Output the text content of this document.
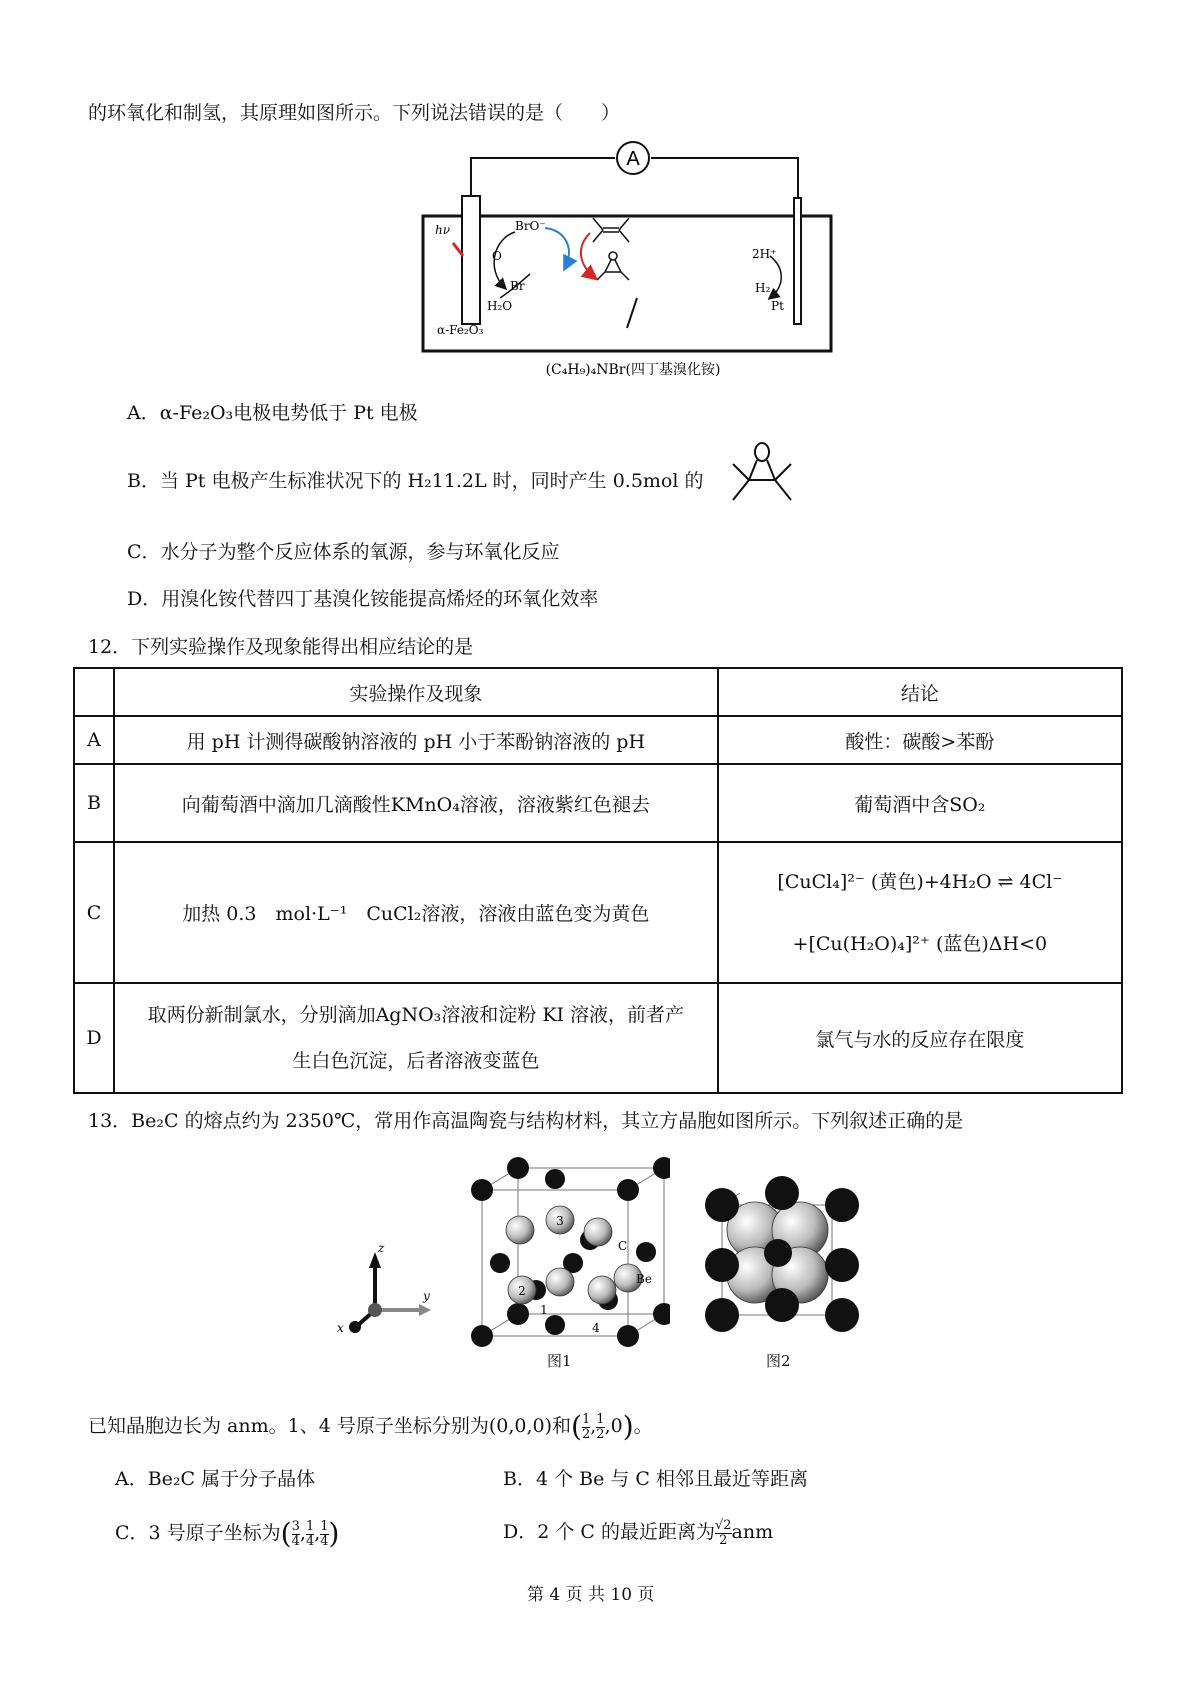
的环氧化和制氢，其原理如图所示。下列说法错误的是（　　）
A
hν	BrO⁻
O
Br
H₂O
α-Fe₂O₃
2H⁺
H₂
Pt
(C₄H₉)₄NBr(四丁基溴化铵)
A．α-Fe₂O₃电极电势低于 Pt 电极
B．当 Pt 电极产生标准状况下的 H₂11.2L 时，同时产生 0.5mol 的
C．水分子为整个反应体系的氧源，参与环氧化反应
D．用溴化铵代替四丁基溴化铵能提高烯烃的环氧化效率
12．下列实验操作及现象能得出相应结论的是
	实验操作及现象	结论
A	用 pH 计测得碳酸钠溶液的 pH 小于苯酚钠溶液的 pH	酸性：碳酸>苯酚
B	向葡萄酒中滴加几滴酸性KMnO₄溶液，溶液紫红色褪去	葡萄酒中含SO₂
C	加热 0.3　mol·L⁻¹　CuCl₂溶液，溶液由蓝色变为黄色	[CuCl₄]²⁻ (黄色)+4H₂O ⇌ 4Cl⁻
+[Cu(H₂O)₄]²⁺ (蓝色)ΔH<0

D	取两份新制氯水，分别滴加AgNO₃溶液和淀粉 KI 溶液，前者产
生白色沉淀，后者溶液变蓝色	氯气与水的反应存在限度
13．Be₂C 的熔点约为 2350℃，常用作高温陶瓷与结构材料，其立方晶胞如图所示。下列叙述正确的是
z
y
x
1
2
3
4
C
Be
图1	图2
已知晶胞边长为 anm。1、4 号原子坐标分别为(0,0,0)和( $\frac{1}{2}$ , $\frac{1}{2} ,0$)。
A．Be₂C 属于分子晶体	B．4 个 Be 与 C 相邻且最近等距离
C．3 号原子坐标为( $\frac{3}{4}$ , $\frac{1}{4}$ , $\frac{1}{4}$ )	D．2 个 C 的最近距离为 $\frac{√2}{2}$ anm
第 4 页 共 10 页
